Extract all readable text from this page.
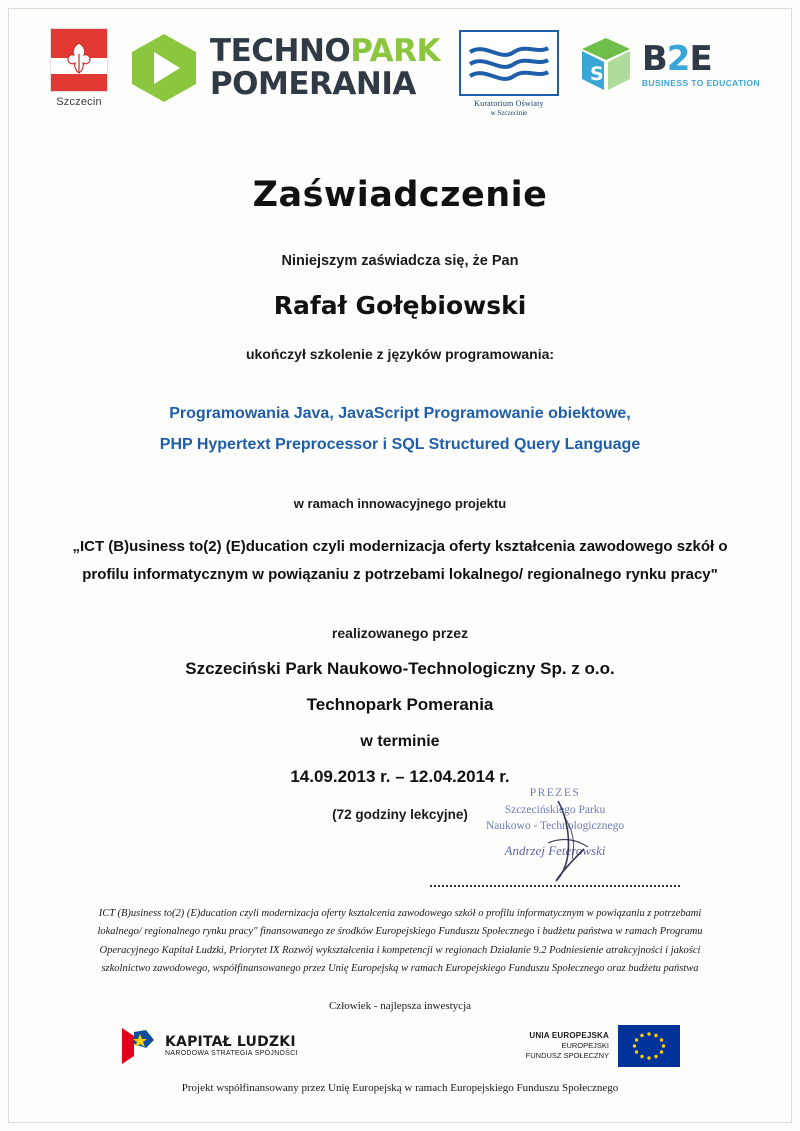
Szczecin
TECHNOPARK
POMERANIA
Kuratorium Oświaty
w Szczecinie
S B2E
BUSINESS TO EDUCATION
Zaświadczenie
Niniejszym zaświadcza się, że Pan
Rafał Gołębiowski
ukończył szkolenie z języków programowania:
Programowania Java, JavaScript Programowanie obiektowe,
PHP Hypertext Preprocessor i SQL Structured Query Language
w ramach innowacyjnego projektu
„ICT (B)usiness to(2) (E)ducation czyli modernizacja oferty kształcenia zawodowego szkół o profilu informatycznym w powiązaniu z potrzebami lokalnego/ regionalnego rynku pracy"
realizowanego przez
Szczeciński Park Naukowo-Technologiczny Sp. z o.o.
Technopark Pomerania
w terminie
14.09.2013 r. – 12.04.2014 r.
(72 godziny lekcyjne)
PREZES
Szczecińskiego Parku
Naukowo - Technologicznego
Andrzej Feterowski
ICT (B)usiness to(2) (E)ducation czyli modernizacja oferty kształcenia zawodowego szkół o profilu informatycznym w powiązaniu z potrzebami lokalnego/ regionalnego rynku pracy" finansowanego ze środków Europejskiego Funduszu Społecznego i budżetu państwa w ramach Programu Operacyjnego Kapitał Ludzki, Priorytet IX Rozwój wykształcenia i kompetencji w regionach Działanie 9.2 Podniesienie atrakcyjności i jakości szkolnictwo zawodowego, współfinansowanego przez Unię Europejską w ramach Europejskiego Funduszu Społecznego oraz budżetu państwa
Człowiek - najlepsza inwestycja
KAPITAŁ LUDZKI
NARODOWA STRATEGIA SPÓJNOŚCI
UNIA EUROPEJSKA
EUROPEJSKI
FUNDUSZ SPOŁECZNY
Projekt współfinansowany przez Unię Europejską w ramach Europejskiego Funduszu Społecznego
